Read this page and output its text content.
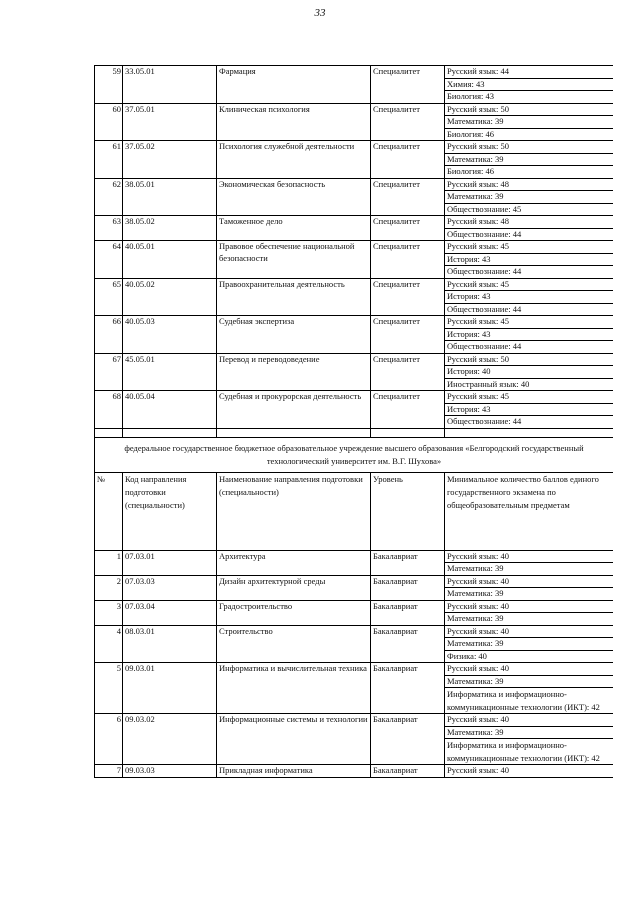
33
59	33.05.01	Фармация	Специалитет	Русский язык: 44
				Химия: 43
				Биология: 43
60	37.05.01	Клиническая психология	Специалитет	Русский язык: 50
				Математика: 39
				Биология: 46
61	37.05.02	Психология служебной деятельности	Специалитет	Русский язык: 50
				Математика: 39
				Биология: 46
62	38.05.01	Экономическая безопасность	Специалитет	Русский язык: 48
				Математика: 39
				Обществознание: 45
63	38.05.02	Таможенное дело	Специалитет	Русский язык: 48
				Обществознание: 44
64	40.05.01	Правовое обеспечение национальной безопасности	Специалитет	Русский язык: 45
				История: 43
				Обществознание: 44
65	40.05.02	Правоохранительная деятельность	Специалитет	Русский язык: 45
				История: 43
				Обществознание: 44
66	40.05.03	Судебная экспертиза	Специалитет	Русский язык: 45
				История: 43
				Обществознание: 44
67	45.05.01	Перевод и переводоведение	Специалитет	Русский язык: 50
				История: 40
				Иностранный язык: 40
68	40.05.04	Судебная и прокурорская деятельность	Специалитет	Русский язык: 45
				История: 43
				Обществознание: 44

федеральное государственное бюджетное образовательное учреждение высшего образования «Белгородский государственный технологический университет им. В.Г. Шухова»				
№	Код направления подготовки (специальности)	Наименование направления подготовки (специальности)	Уровень	Минимальное количество баллов единого государственного экзамена по общеобразовательным предметам
1	07.03.01	Архитектура	Бакалавриат	Русский язык: 40
				Математика: 39
2	07.03.03	Дизайн архитектурной среды	Бакалавриат	Русский язык: 40
				Математика: 39
3	07.03.04	Градостроительство	Бакалавриат	Русский язык: 40
				Математика: 39
4	08.03.01	Строительство	Бакалавриат	Русский язык: 40
				Математика: 39
				Физика: 40
5	09.03.01	Информатика и вычислительная техника	Бакалавриат	Русский язык: 40
				Математика: 39
				Информатика и информационно-коммуникационные технологии (ИКТ): 42

6	09.03.02	Информационные системы и технологии	Бакалавриат	Русский язык: 40
				Математика: 39
				Информатика и информационно-коммуникационные технологии (ИКТ): 42

7	09.03.03	Прикладная информатика	Бакалавриат	Русский язык: 40
